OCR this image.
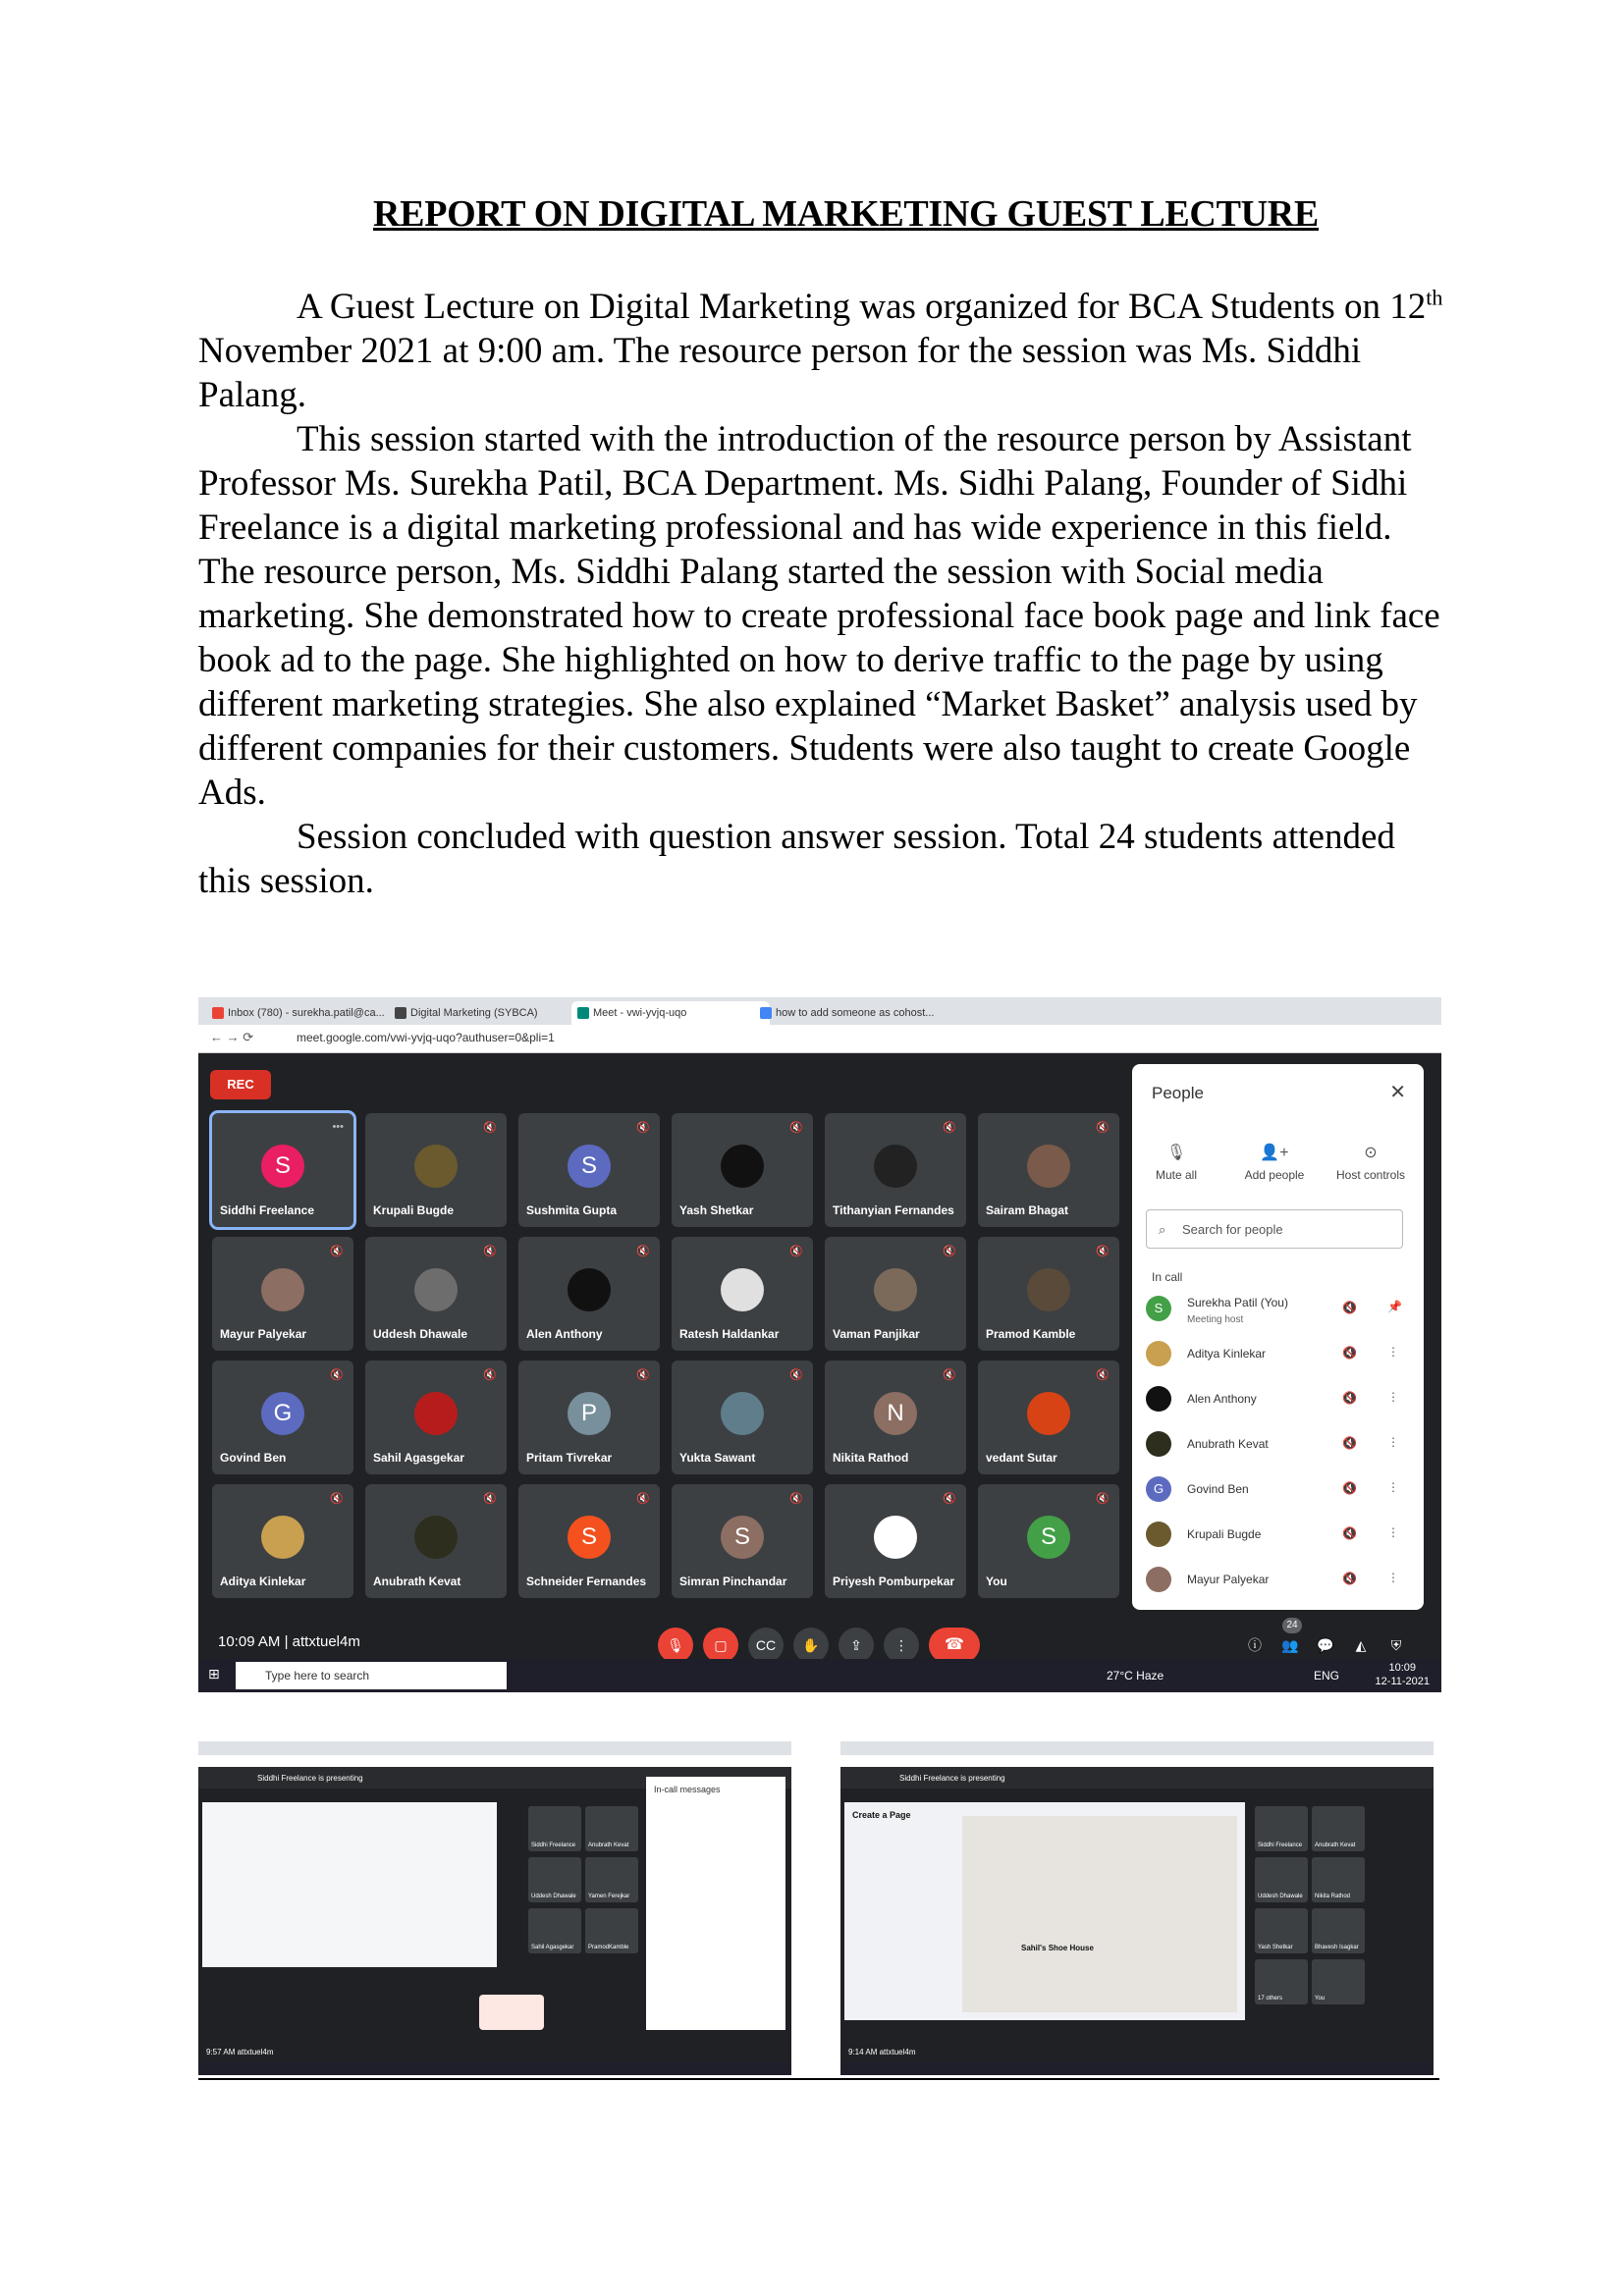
REPORT ON DIGITAL MARKETING GUEST LECTURE

A Guest Lecture on Digital Marketing was organized for BCA Students on 12th November 2021 at 9:00 am. The resource person for the session was Ms. Siddhi Palang.

This session started with the introduction of the resource person by Assistant Professor Ms. Surekha Patil, BCA Department. Ms. Sidhi Palang, Founder of Sidhi Freelance is a digital marketing professional and has wide experience in this field.

The resource person, Ms. Siddhi Palang started the session with Social media marketing. She demonstrated how to create professional face book page and link face book ad to the page. She highlighted on how to derive traffic to the page by using different marketing strategies. She also explained “Market Basket” analysis used by different companies for their customers. Students were also taught to create Google Ads.

Session concluded with question answer session. Total 24 students attended this session.

Inbox (780) - surekha.patil@ca...	Digital Marketing (SYBCA)	Meet - vwi-yvjq-uqo	how to add someone as cohost...
← → ⟳	meet.google.com/vwi-yvjq-uqo?authuser=0&pli=1
REC
S
•••
Siddhi Freelance
🔇
Krupali Bugde
S
🔇
Sushmita Gupta
🔇
Yash Shetkar
🔇
Tithanyian Fernandes
🔇
Sairam Bhagat
🔇
Mayur Palyekar
🔇
Uddesh Dhawale
🔇
Alen Anthony
🔇
Ratesh Haldankar
🔇
Vaman Panjikar
🔇
Pramod Kamble
G
🔇
Govind Ben
🔇
Sahil Agasgekar
P
🔇
Pritam Tivrekar
🔇
Yukta Sawant
N
🔇
Nikita Rathod
🔇
vedant Sutar
🔇
Aditya Kinlekar
🔇
Anubrath Kevat
S
🔇
Schneider Fernandes
S
🔇
Simran Pinchandar
🔇
Priyesh Pomburpekar
S
🔇
You
People	✕
🎙
Mute all
👤+
Add people
⊙
Host controls
⌕ Search for people
In call
S	Surekha Patil (You)
Meeting host
🔇	📌
Aditya Kinlekar	🔇	⋮
Alen Anthony	🔇	⋮
Anubrath Kevat	🔇	⋮
G	Govind Ben	🔇	⋮
Krupali Bugde	🔇	⋮
Mayur Palyekar	🔇	⋮
10:09 AM | attxtuel4m	🎙	▢	CC	✋	⇪	⋮	☎	ⓘ	👥
24
💬	◭	⛨
⊞	Type here to search	27°C Haze	ENG
10:09
12-11-2021
Siddhi Freelance is presenting
In-call messages
Siddhi Freelance Anubrath Kevat
Uddesh Dhawale Yamen Ferejkar
Sahil Agasgekar PramodKamble
9:57 AM attxtuel4m
Siddhi Freelance is presenting
Create a Page
Sahil's Shoe House
Siddhi Freelance Anubrath Kevat
Uddesh Dhawale Nikita Rathod
Yash Shetkar	Bhavesh Isagkar
17 others	You
9:14 AM attxtuel4m
